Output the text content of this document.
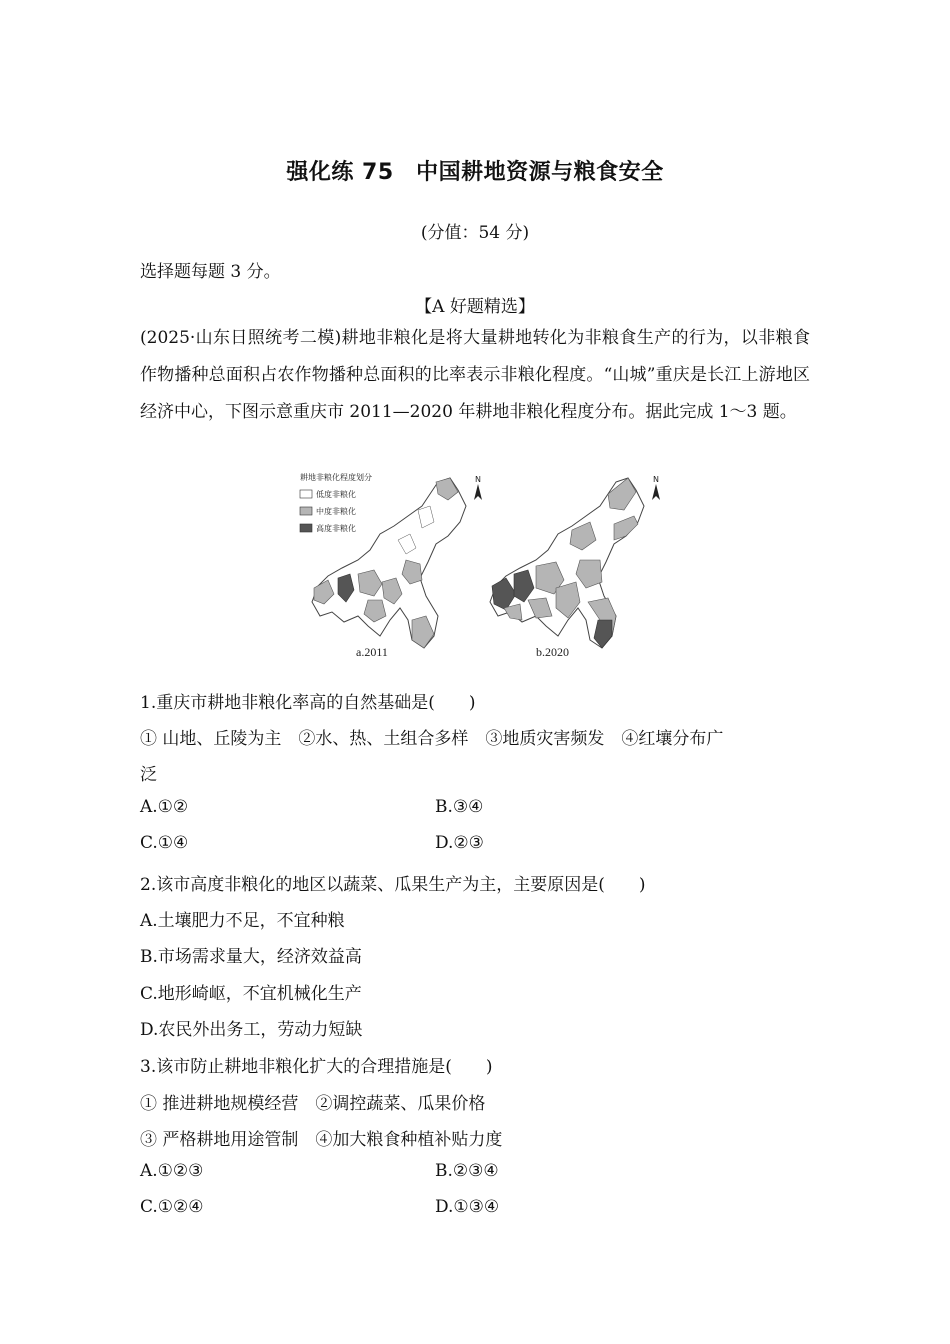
强化练 75　中国耕地资源与粮食安全
(分值：54 分)
选择题每题 3 分。
【A 好题精选】
(2025·山东日照统考二模)耕地非粮化是将大量耕地转化为非粮食生产的行为，以非粮食作物播种总面积占农作物播种总面积的比率表示非粮化程度。“山城”重庆是长江上游地区经济中心，下图示意重庆市 2011—2020 年耕地非粮化程度分布。据此完成 1～3 题。
耕地非粮化程度划分
低度非粮化
中度非粮化
高度非粮化
N
a.2011
N
b.2020
1.重庆市耕地非粮化率高的自然基础是(　　)
① 山地、丘陵为主　②水、热、土组合多样　③地质灾害频发　④红壤分布广
泛
A.①②	B.③④
C.①④	D.②③
2.该市高度非粮化的地区以蔬菜、瓜果生产为主，主要原因是(　　)
A.土壤肥力不足，不宜种粮
B.市场需求量大，经济效益高
C.地形崎岖，不宜机械化生产
D.农民外出务工，劳动力短缺
3.该市防止耕地非粮化扩大的合理措施是(　　)
① 推进耕地规模经营　②调控蔬菜、瓜果价格
③ 严格耕地用途管制　④加大粮食种植补贴力度
A.①②③	B.②③④
C.①②④	D.①③④
